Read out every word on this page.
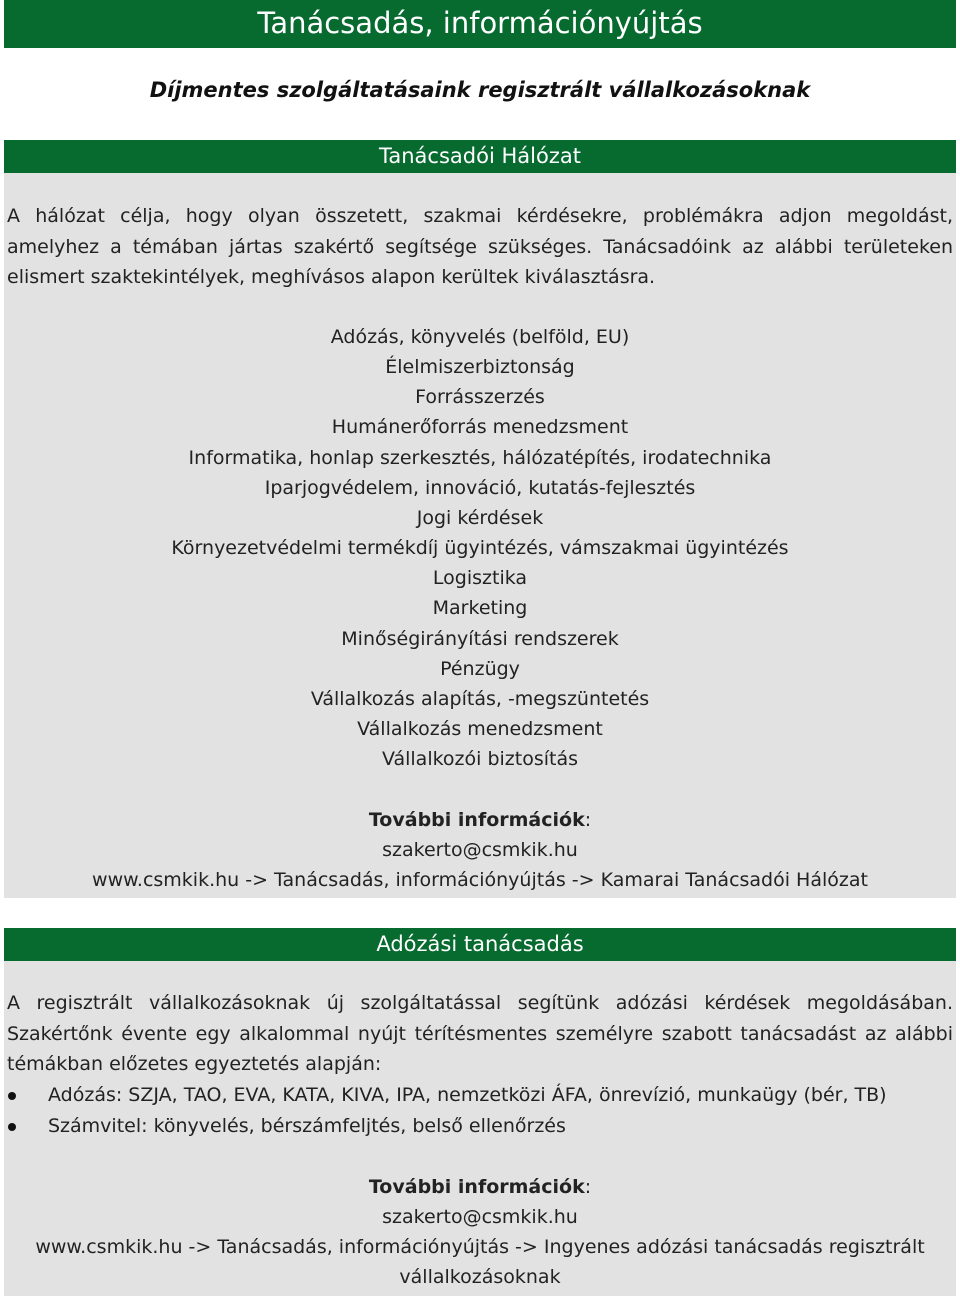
Tanácsadás, információnyújtás
Díjmentes szolgáltatásaink regisztrált vállalkozásoknak
Tanácsadói Hálózat
A hálózat célja, hogy olyan összetett, szakmai kérdésekre, problémákra adjon megoldást,
amelyhez a témában jártas szakértő segítsége szükséges. Tanácsadóink az alábbi területeken
elismert szaktekintélyek, meghívásos alapon kerültek kiválasztásra.
Adózás, könyvelés (belföld, EU)
Élelmiszerbiztonság
Forrásszerzés
Humánerőforrás menedzsment
Informatika, honlap szerkesztés, hálózatépítés, irodatechnika
Iparjogvédelem, innováció, kutatás-fejlesztés
Jogi kérdések
Környezetvédelmi termékdíj ügyintézés, vámszakmai ügyintézés
Logisztika
Marketing
Minőségirányítási rendszerek
Pénzügy
Vállalkozás alapítás, -megszüntetés
Vállalkozás menedzsment
Vállalkozói biztosítás
További információk:
szakerto@csmkik.hu
www.csmkik.hu -> Tanácsadás, információnyújtás -> Kamarai Tanácsadói Hálózat
Adózási tanácsadás
A regisztrált vállalkozásoknak új szolgáltatással segítünk adózási kérdések megoldásában.
Szakértőnk évente egy alkalommal nyújt térítésmentes személyre szabott tanácsadást az alábbi
témákban előzetes egyeztetés alapján:
Adózás: SZJA, TAO, EVA, KATA, KIVA, IPA, nemzetközi ÁFA, önrevízió, munkaügy (bér, TB)
Számvitel: könyvelés, bérszámfeljtés, belső ellenőrzés
További információk:
szakerto@csmkik.hu
www.csmkik.hu -> Tanácsadás, információnyújtás -> Ingyenes adózási tanácsadás regisztrált
vállalkozásoknak
